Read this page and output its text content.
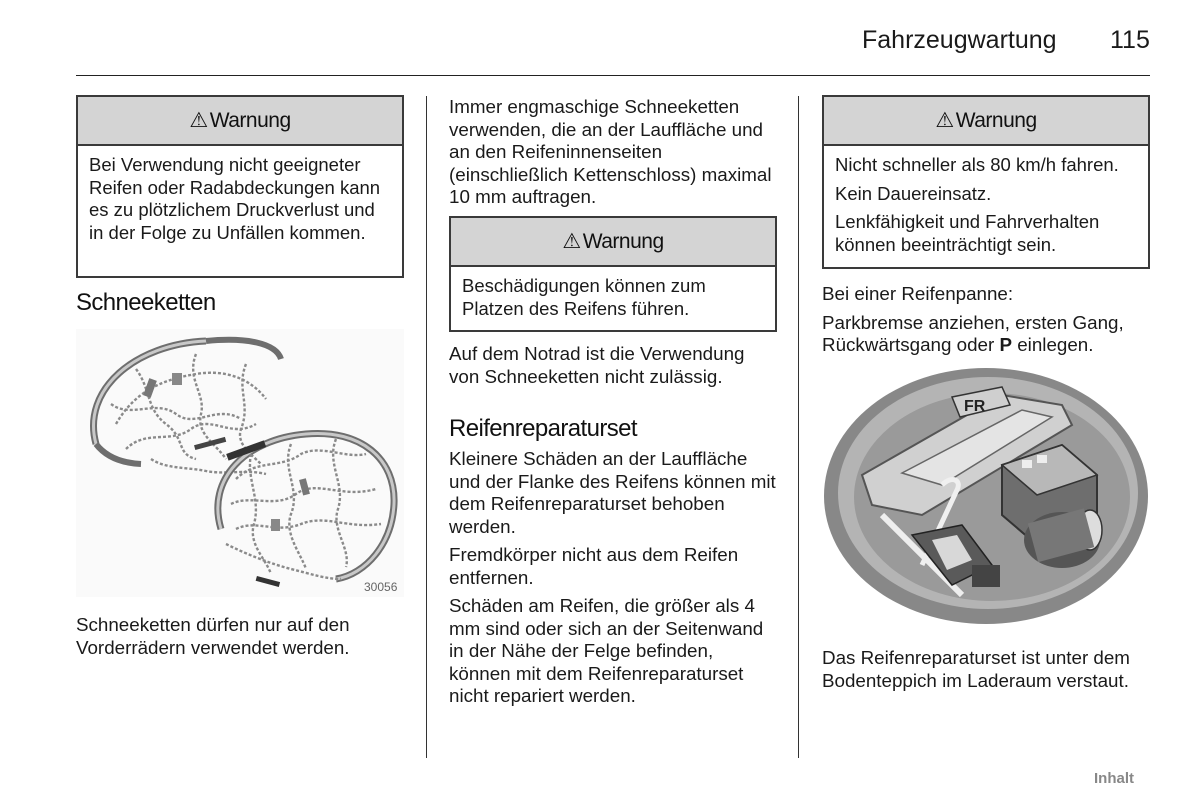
Fahrzeugwartung 115
⚠ Warnung

Bei Verwendung nicht geeigneter Reifen oder Radabdeckungen kann es zu plötzlichem Druckverlust und in der Folge zu Unfällen kommen.

Schneeketten
30056

Schneeketten dürfen nur auf den Vorderrädern verwendet werden.

Immer engmaschige Schneeketten verwenden, die an der Lauffläche und an den Reifeninnenseiten (einschließlich Kettenschloss) maximal 10 mm auftragen.

⚠ Warnung

Beschädigungen können zum Platzen des Reifens führen.

Auf dem Notrad ist die Verwendung von Schneeketten nicht zulässig.

Reifenreparaturset

Kleinere Schäden an der Lauffläche und der Flanke des Reifens können mit dem Reifenreparaturset behoben werden.

Fremdkörper nicht aus dem Reifen entfernen.

Schäden am Reifen, die größer als 4 mm sind oder sich an der Seitenwand in der Nähe der Felge befinden, können mit dem Reifenreparaturset nicht repariert werden.

⚠ Warnung

Nicht schneller als 80 km/h fahren.

Kein Dauereinsatz.

Lenkfähigkeit und Fahrverhalten können beeinträchtigt sein.

Bei einer Reifenpanne:

Parkbremse anziehen, ersten Gang, Rückwärtsgang oder P einlegen.

FR

Das Reifenreparaturset ist unter dem Bodenteppich im Laderaum verstaut.

Inhalt
